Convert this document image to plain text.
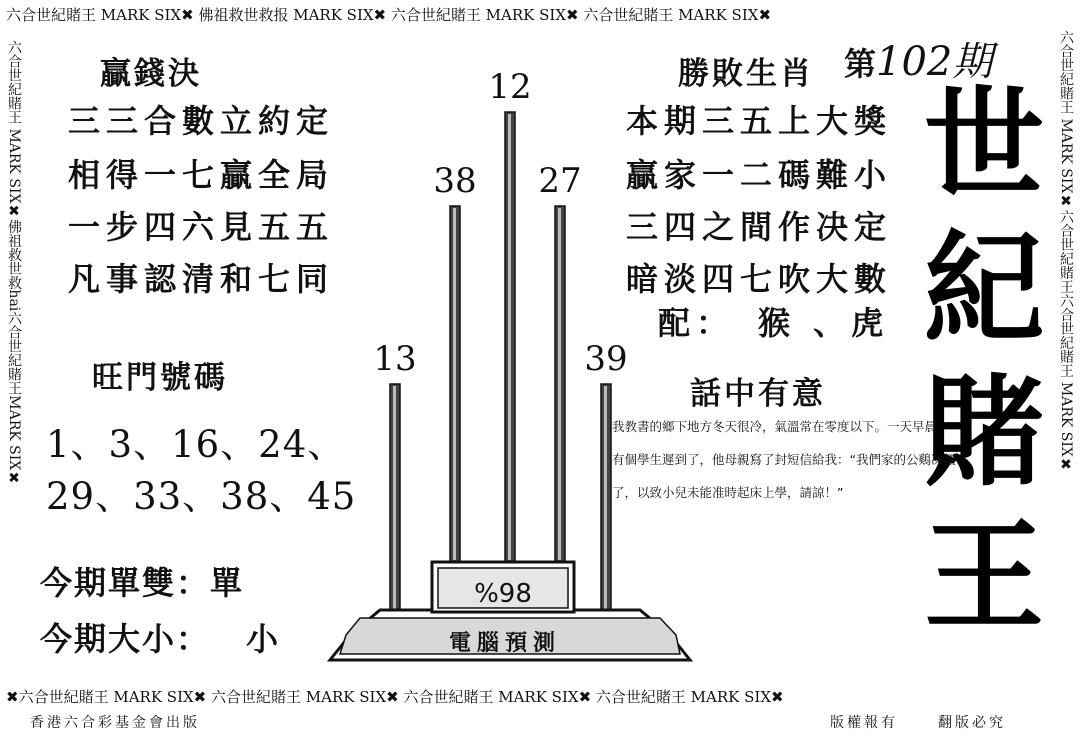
六合世紀賭王 MARK SIX✖ 佛祖救世救报 MARK SIX✖ 六合世紀賭王 MARK SIX✖ 六合世紀賭王 MARK SIX✖
✖六合世紀賭王 MARK SIX✖ 六合世紀賭王 MARK SIX✖ 六合世紀賭王 MARK SIX✖ 六合世紀賭王 MARK SIX✖
六合世紀賭王 MARK SIX✖佛祖救世救hai六合世紀賭王MARK SIX✖	六合世紀賭王 MARK SIX✖六合世紀賭王六合世紀賭王 MARK SIX✖
贏錢決
三三合數立約定
相得一七贏全局
一步四六見五五
凡事認清和七同
旺門號碼
1、3、16、24、
29、33、38、45
今期單雙：單
今期大小： 小
勝敗生肖
本期三五上大獎
贏家一二碼難小
三四之間作决定
暗淡四七吹大數
配： 猴 、虎
第102期
世
紀
賭
王
話中有意
我教書的鄉下地方冬天很冷，氣溫常在零度以下。一天早晨，有個學生遲到了，他母親寫了封短信給我：“我們家的公鷄凍僵了，以致小兒未能准時起床上學，請諒！”
13
38
12
27
39
%98
電腦預測
香港六合彩基金會出版	版權報有	翻版必究
